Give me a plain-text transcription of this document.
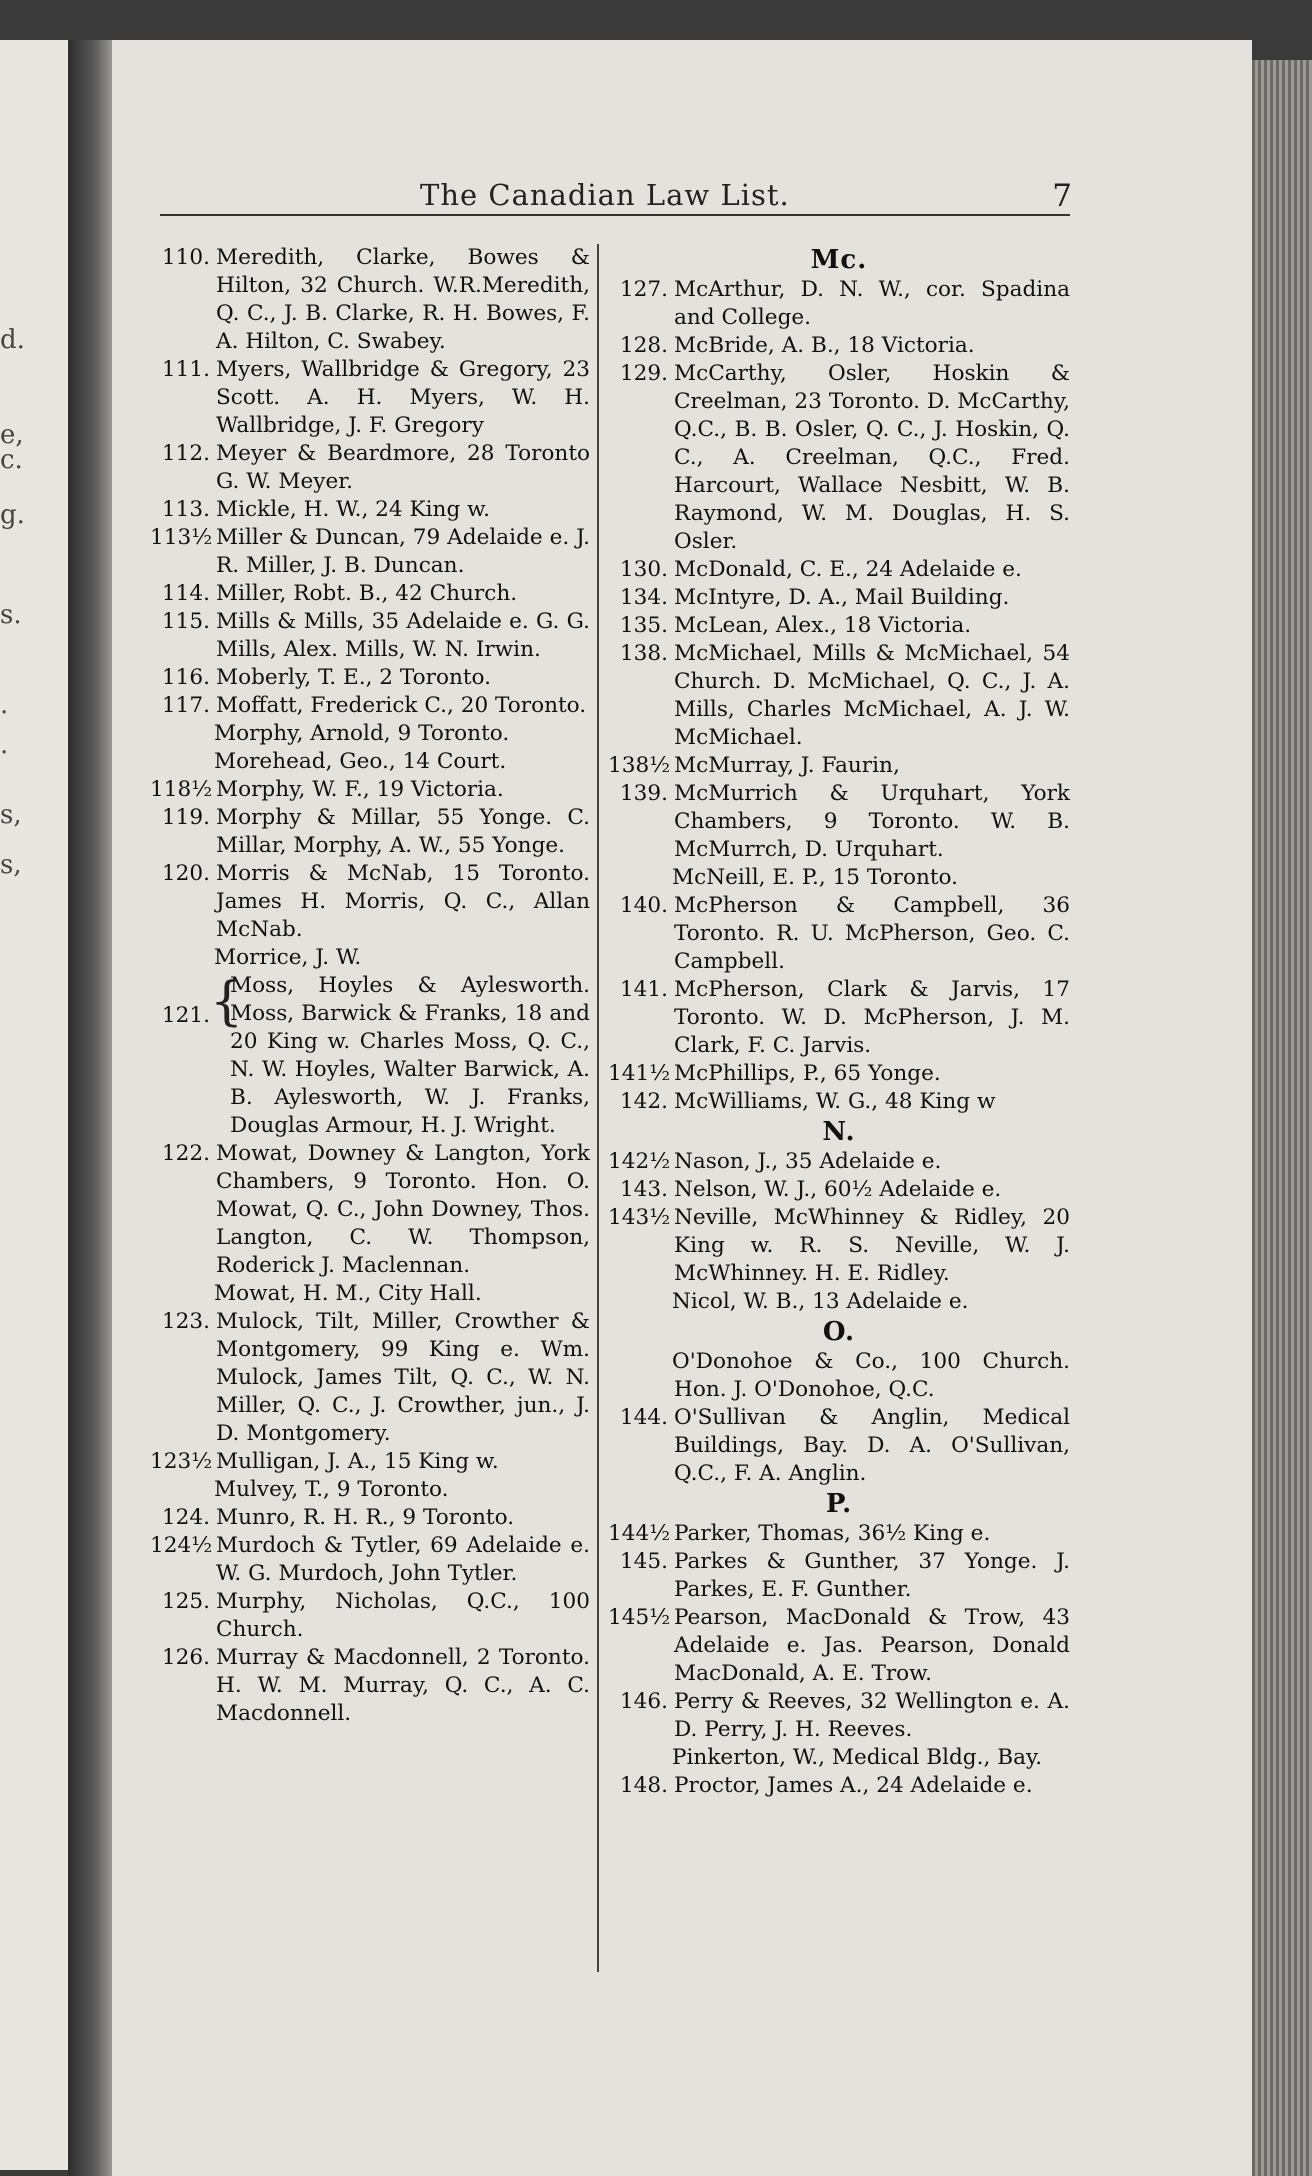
d.
e,
c.
g.
s.
.
.
s,
s,
The Canadian Law List.	7
110. Meredith, Clarke, Bowes & Hilton, 32 Church. W.R.Meredith, Q. C., J. B. Clarke, R. H. Bowes, F. A. Hilton, C. Swabey.
111. Myers, Wallbridge & Gregory, 23 Scott. A. H. Myers, W. H. Wallbridge, J. F. Gregory
112. Meyer & Beardmore, 28 Toronto G. W. Meyer.
113. Mickle, H. W., 24 King w.
113½ Miller & Duncan, 79 Adelaide e. J. R. Miller, J. B. Duncan.
114. Miller, Robt. B., 42 Church.
115. Mills & Mills, 35 Adelaide e. G. G. Mills, Alex. Mills, W. N. Irwin.
116. Moberly, T. E., 2 Toronto.
117. Moffatt, Frederick C., 20 Toronto.
Morphy, Arnold, 9 Toronto.
Morehead, Geo., 14 Court.
118½ Morphy, W. F., 19 Victoria.
119. Morphy & Millar, 55 Yonge. C. Millar, Morphy, A. W., 55 Yonge.
120. Morris & McNab, 15 Toronto. James H. Morris, Q. C., Allan McNab.
Morrice, J. W.
121. {
Moss, Hoyles & Aylesworth. Moss, Barwick & Franks, 18 and 20 King w. Charles Moss, Q. C., N. W. Hoyles, Walter Barwick, A. B. Aylesworth, W. J. Franks, Douglas Armour, H. J. Wright.
122. Mowat, Downey & Langton, York Chambers, 9 Toronto. Hon. O. Mowat, Q. C., John Downey, Thos. Langton, C. W. Thompson, Roderick J. Maclennan.
Mowat, H. M., City Hall.
123. Mulock, Tilt, Miller, Crowther & Montgomery, 99 King e. Wm. Mulock, James Tilt, Q. C., W. N. Miller, Q. C., J. Crowther, jun., J. D. Montgomery.
123½ Mulligan, J. A., 15 King w.
Mulvey, T., 9 Toronto.
124. Munro, R. H. R., 9 Toronto.
124½ Murdoch & Tytler, 69 Adelaide e. W. G. Murdoch, John Tytler.
125. Murphy, Nicholas, Q.C., 100 Church.
126. Murray & Macdonnell, 2 Toronto. H. W. M. Murray, Q. C., A. C. Macdonnell.
Mc.
127. McArthur, D. N. W., cor. Spadina and College.
128. McBride, A. B., 18 Victoria.
129. McCarthy, Osler, Hoskin & Creelman, 23 Toronto. D. McCarthy, Q.C., B. B. Osler, Q. C., J. Hoskin, Q. C., A. Creelman, Q.C., Fred. Harcourt, Wallace Nesbitt, W. B. Raymond, W. M. Douglas, H. S. Osler.
130. McDonald, C. E., 24 Adelaide e.
134. McIntyre, D. A., Mail Building.
135. McLean, Alex., 18 Victoria.
138. McMichael, Mills & McMichael, 54 Church. D. McMichael, Q. C., J. A. Mills, Charles McMichael, A. J. W. McMichael.
138½ McMurray, J. Faurin,
139. McMurrich & Urquhart, York Chambers, 9 Toronto. W. B. McMurrch, D. Urquhart.
McNeill, E. P., 15 Toronto.
140. McPherson & Campbell, 36 Toronto. R. U. McPherson, Geo. C. Campbell.
141. McPherson, Clark & Jarvis, 17 Toronto. W. D. McPherson, J. M. Clark, F. C. Jarvis.
141½ McPhillips, P., 65 Yonge.
142. McWilliams, W. G., 48 King w
N.
142½ Nason, J., 35 Adelaide e.
143. Nelson, W. J., 60½ Adelaide e.
143½ Neville, McWhinney & Ridley, 20 King w. R. S. Neville, W. J. McWhinney. H. E. Ridley.
Nicol, W. B., 13 Adelaide e.
O.
O'Donohoe & Co., 100 Church. Hon. J. O'Donohoe, Q.C.
144. O'Sullivan & Anglin, Medical Buildings, Bay. D. A. O'Sullivan, Q.C., F. A. Anglin.
P.
144½ Parker, Thomas, 36½ King e.
145. Parkes & Gunther, 37 Yonge. J. Parkes, E. F. Gunther.
145½ Pearson, MacDonald & Trow, 43 Adelaide e. Jas. Pearson, Donald MacDonald, A. E. Trow.
146. Perry & Reeves, 32 Wellington e. A. D. Perry, J. H. Reeves.
Pinkerton, W., Medical Bldg., Bay.
148. Proctor, James A., 24 Adelaide e.
